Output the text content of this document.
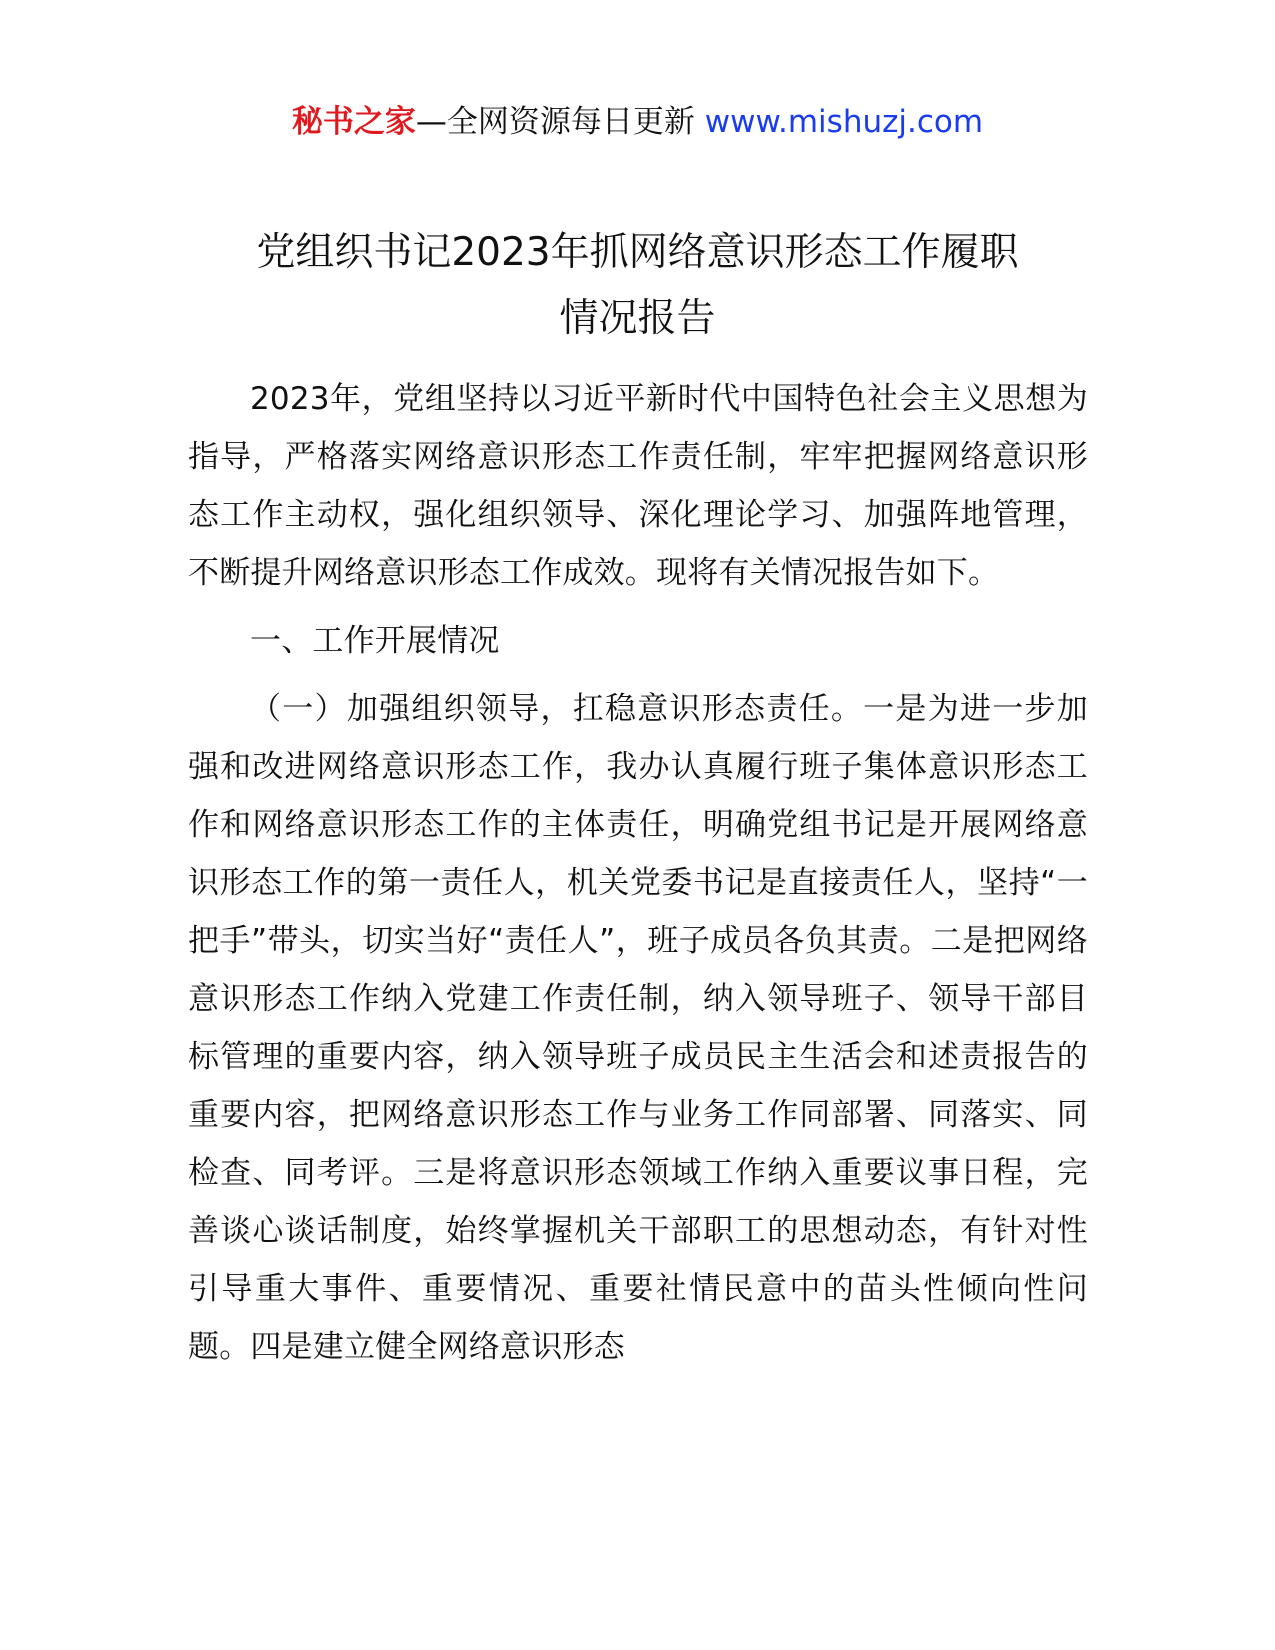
秘书之家—全网资源每日更新 www.mishuzj.com
党组织书记2023年抓网络意识形态工作履职
情况报告

2023年，党组坚持以习近平新时代中国特色社会主义思想为指导，严格落实网络意识形态工作责任制，牢牢把握网络意识形态工作主动权，强化组织领导、深化理论学习、加强阵地管理，不断提升网络意识形态工作成效。现将有关情况报告如下。

一、工作开展情况

（一）加强组织领导，扛稳意识形态责任。一是为进一步加强和改进网络意识形态工作，我办认真履行班子集体意识形态工作和网络意识形态工作的主体责任，明确党组书记是开展网络意识形态工作的第一责任人，机关党委书记是直接责任人，坚持“一把手”带头，切实当好“责任人”，班子成员各负其责。二是把网络意识形态工作纳入党建工作责任制，纳入领导班子、领导干部目标管理的重要内容，纳入领导班子成员民主生活会和述责报告的重要内容，把网络意识形态工作与业务工作同部署、同落实、同检查、同考评。三是将意识形态领域工作纳入重要议事日程，完善谈心谈话制度，始终掌握机关干部职工的思想动态，有针对性引导重大事件、重要情况、重要社情民意中的苗头性倾向性问题。四是建立健全网络意识形态
